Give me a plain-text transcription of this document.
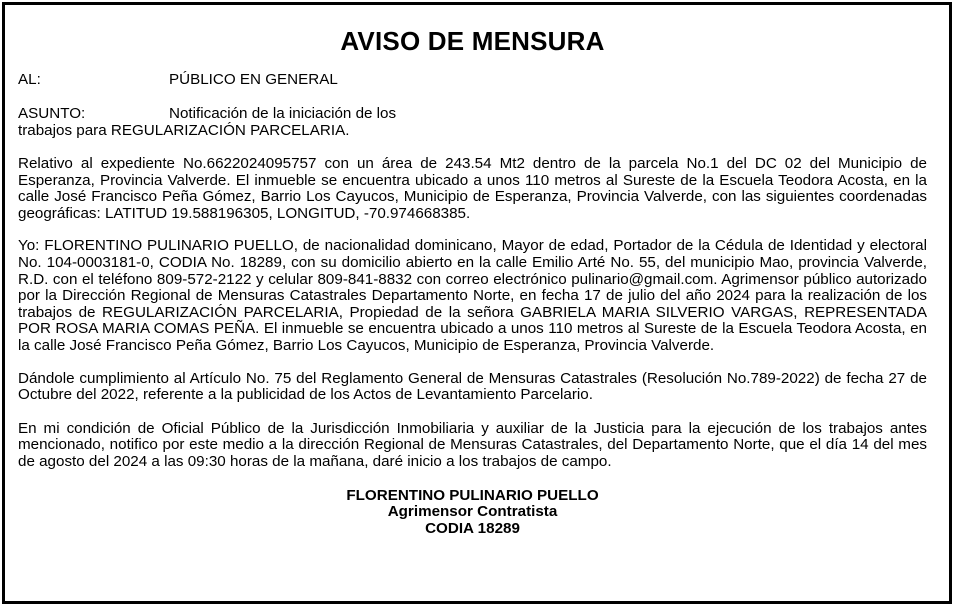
AVISO DE MENSURA
AL:	PÚBLICO EN GENERAL
ASUNTO:	Notificación de la iniciación de los
trabajos para REGULARIZACIÓN PARCELARIA.

Relativo al expediente No.6622024095757 con un área de 243.54 Mt2 dentro de la parcela No.1 del DC 02 del Municipio de Esperanza, Provincia Valverde. El inmueble se encuentra ubicado a unos 110 metros al Sureste de la Escuela Teodora Acosta, en la calle José Francisco Peña Gómez, Barrio Los Cayucos, Municipio de Esperanza, Provincia Valverde, con las siguientes coordenadas geográficas: LATITUD 19.588196305, LONGITUD, -70.974668385.

Yo: FLORENTINO PULINARIO PUELLO, de nacionalidad dominicano, Mayor de edad, Portador de la Cédula de Identidad y electoral No. 104-0003181-0, CODIA No. 18289, con su domicilio abierto en la calle Emilio Arté No. 55, del municipio Mao, provincia Valverde, R.D. con el teléfono 809-572-2122 y celular 809-841-8832 con correo electrónico pulinario@gmail.com. Agrimensor público autorizado por la Dirección Regional de Mensuras Catastrales Departamento Norte, en fecha 17 de julio del año 2024 para la realización de los trabajos de REGULARIZACIÓN PARCELARIA, Propiedad de la señora GABRIELA MARIA SILVERIO VARGAS, REPRESENTADA POR ROSA MARIA COMAS PEÑA. El inmueble se encuentra ubicado a unos 110 metros al Sureste de la Escuela Teodora Acosta, en la calle José Francisco Peña Gómez, Barrio Los Cayucos, Municipio de Esperanza, Provincia Valverde.

Dándole cumplimiento al Artículo No. 75 del Reglamento General de Mensuras Catastrales (Resolución No.789-2022) de fecha 27 de Octubre del 2022, referente a la publicidad de los Actos de Levantamiento Parcelario.

En mi condición de Oficial Público de la Jurisdicción Inmobiliaria y auxiliar de la Justicia para la ejecución de los trabajos antes mencionado, notifico por este medio a la dirección Regional de Mensuras Catastrales, del Departamento Norte, que el día 14 del mes de agosto del 2024 a las 09:30 horas de la mañana, daré inicio a los trabajos de campo.

FLORENTINO PULINARIO PUELLO
Agrimensor Contratista
CODIA 18289
